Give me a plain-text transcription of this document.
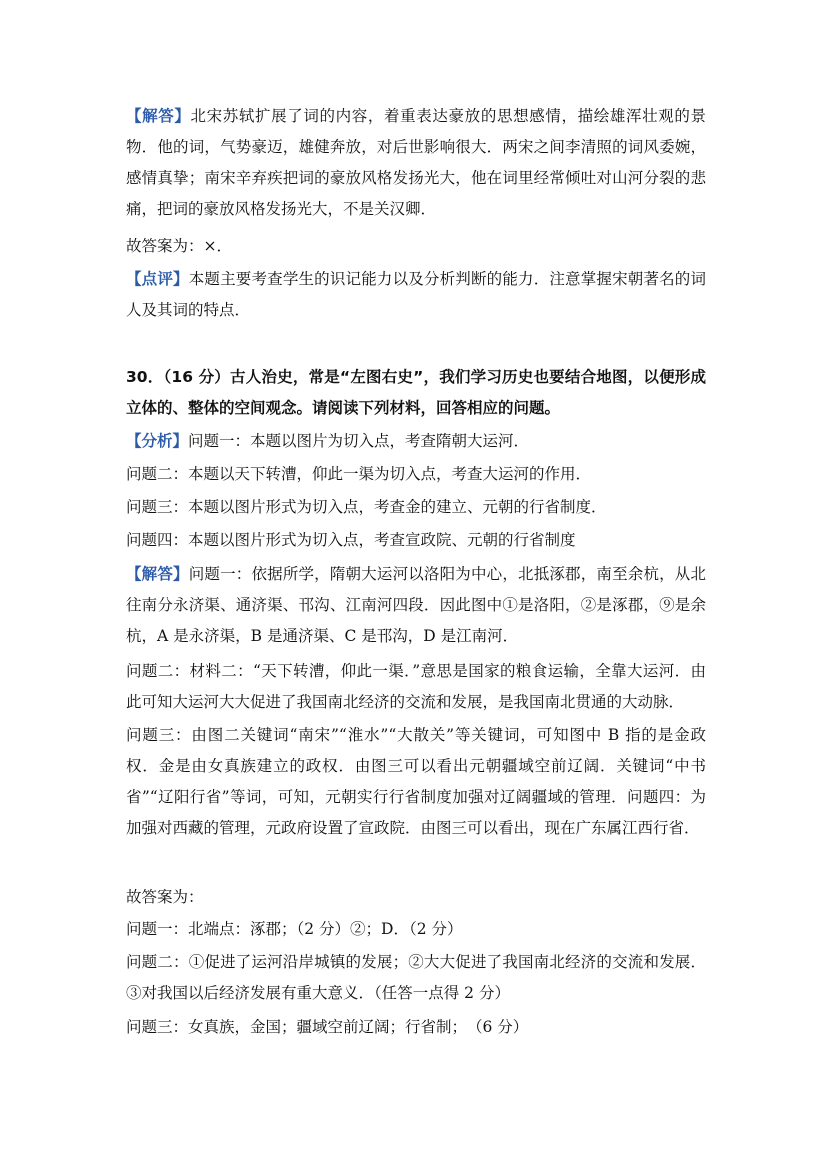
【解答】北宋苏轼扩展了词的内容，着重表达豪放的思想感情，描绘雄浑壮观的景物．他的词，气势豪迈，雄健奔放，对后世影响很大．两宋之间李清照的词风委婉，感情真挚；南宋辛弃疾把词的豪放风格发扬光大，他在词里经常倾吐对山河分裂的悲痛，把词的豪放风格发扬光大，不是关汉卿．

故答案为：×．

【点评】本题主要考查学生的识记能力以及分析判断的能力．注意掌握宋朝著名的词人及其词的特点．

30．（16 分）古人治史，常是“左图右史”，我们学习历史也要结合地图，以便形成立体的、整体的空间观念。请阅读下列材料，回答相应的问题。

【分析】问题一：本题以图片为切入点，考查隋朝大运河．

问题二：本题以天下转漕，仰此一渠为切入点，考查大运河的作用．

问题三：本题以图片形式为切入点，考查金的建立、元朝的行省制度．

问题四：本题以图片形式为切入点，考查宣政院、元朝的行省制度

【解答】问题一：依据所学，隋朝大运河以洛阳为中心，北抵涿郡，南至余杭，从北往南分永济渠、通济渠、邗沟、江南河四段．因此图中①是洛阳，②是涿郡，⑨是余杭，A 是永济渠，B 是通济渠、C 是邗沟，D 是江南河．

问题二：材料二：“天下转漕，仰此一渠．”意思是国家的粮食运输，全靠大运河．由此可知大运河大大促进了我国南北经济的交流和发展，是我国南北贯通的大动脉．

问题三：由图二关键词“南宋”“淮水”“大散关”等关键词，可知图中 B 指的是金政权．金是由女真族建立的政权．由图三可以看出元朝疆域空前辽阔．关键词“中书省”“辽阳行省”等词，可知，元朝实行行省制度加强对辽阔疆域的管理．问题四：为加强对西藏的管理，元政府设置了宣政院．由图三可以看出，现在广东属江西行省．

故答案为：

问题一：北端点：涿郡；（2 分）②；D．（2 分）

问题二：①促进了运河沿岸城镇的发展；②大大促进了我国南北经济的交流和发展．③对我国以后经济发展有重大意义．（任答一点得 2 分）

问题三：女真族，金国；疆域空前辽阔；行省制；　（6 分）
